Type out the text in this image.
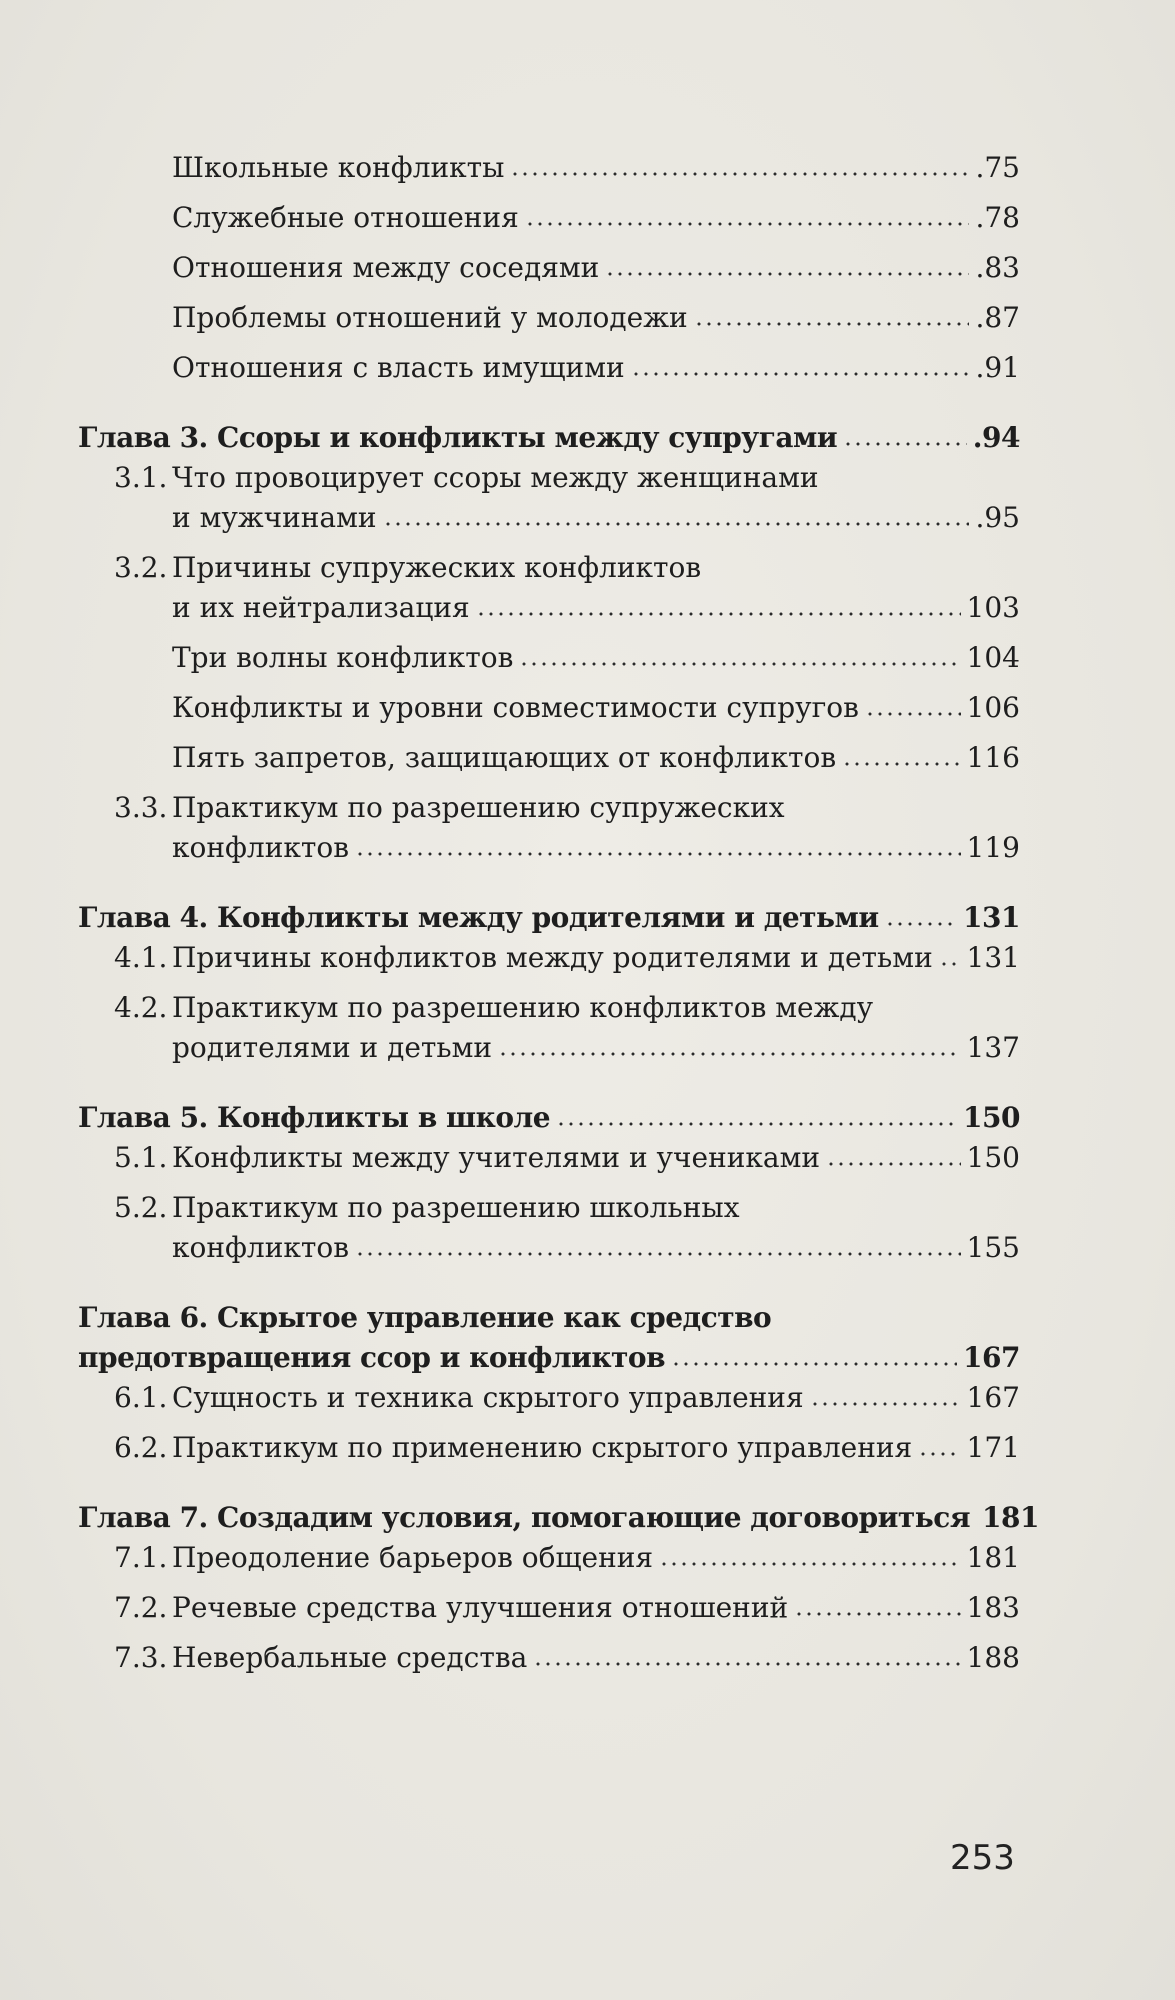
Школьные конфликты	.75
Служебные отношения	.78
Отношения между соседями	.83
Проблемы отношений у молодежи	.87
Отношения с власть имущими	.91
Глава 3. Ссоры и конфликты между супругами	.94
3.1. Что провоцирует ссоры между женщинами
и мужчинами	.95
3.2. Причины супружеских конфликтов
и их нейтрализация	103
Три волны конфликтов	104
Конфликты и уровни совместимости супругов	106
Пять запретов, защищающих от конфликтов	116
3.3. Практикум по разрешению супружеских
конфликтов	119
Глава 4. Конфликты между родителями и детьми	131
4.1. Причины конфликтов между родителями и детьми 131
4.2. Практикум по разрешению конфликтов между
родителями и детьми	137
Глава 5. Конфликты в школе	150
5.1. Конфликты между учителями и учениками	150
5.2. Практикум по разрешению школьных
конфликтов	155
Глава 6. Скрытое управление как средство
предотвращения ссор и конфликтов	167
6.1. Сущность и техника скрытого управления	167
6.2. Практикум по применению скрытого управления 171
Глава 7. Создадим условия, помогающие договориться 181
7.1. Преодоление барьеров общения	181
7.2. Речевые средства улучшения отношений	183
7.3. Невербальные средства	188
253
